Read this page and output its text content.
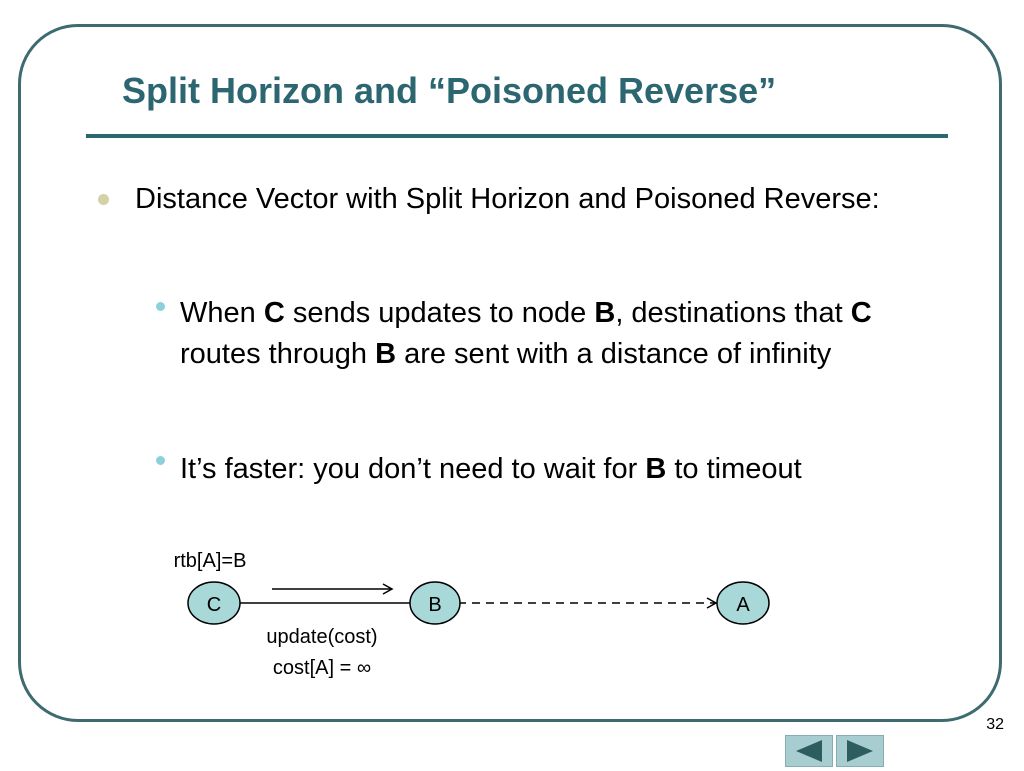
Split Horizon and “Poisoned Reverse”
Distance Vector with Split Horizon and Poisoned Reverse:
When C sends updates to node B, destinations that C routes through B are sent with a distance of infinity
It’s faster: you don’t need to wait for B to timeout
C	B	A
rtb[A]=B
update(cost)
cost[A] = ∞
32
